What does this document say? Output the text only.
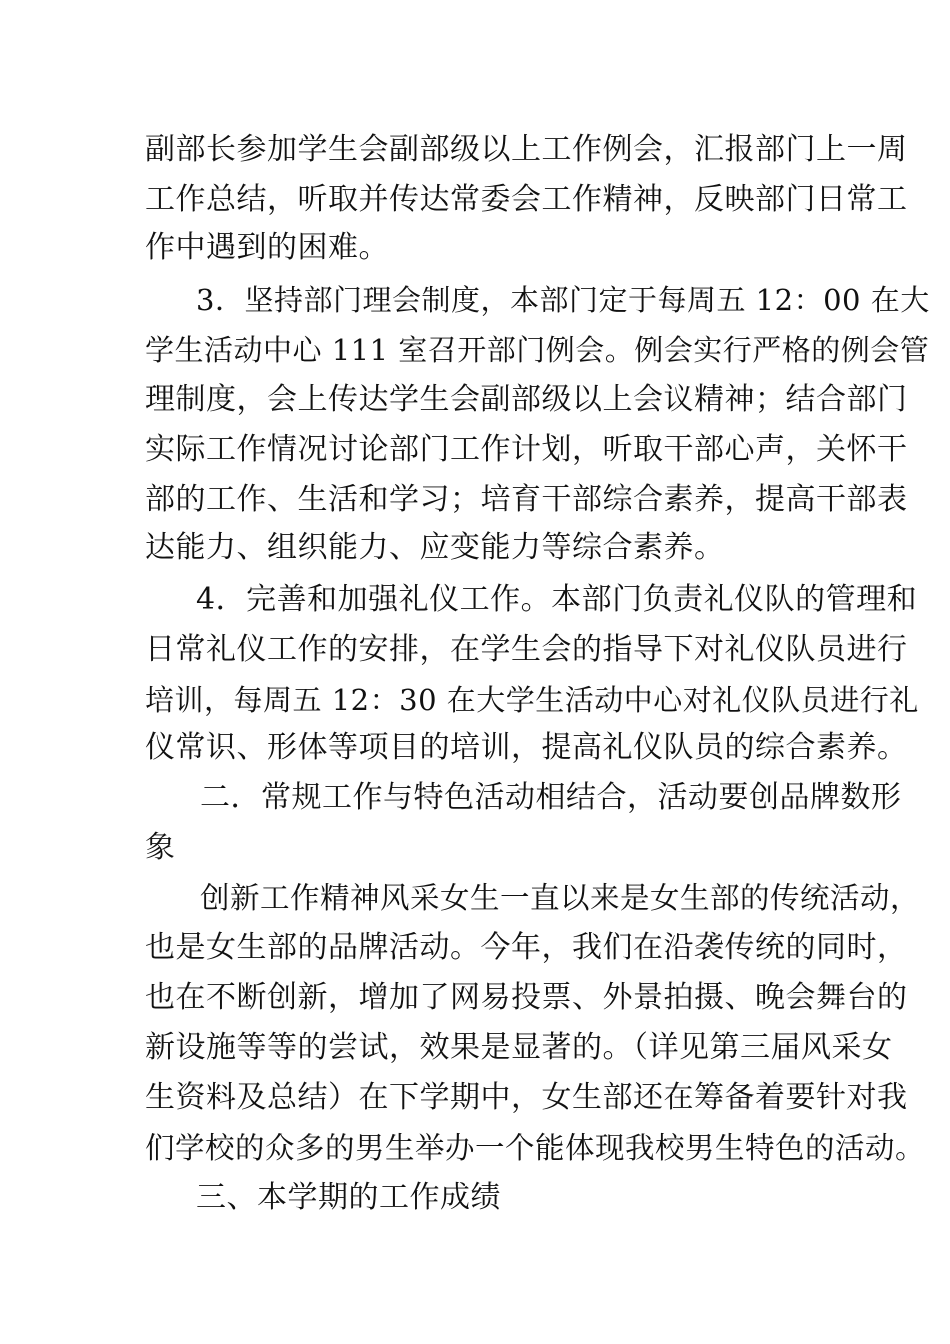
副部长参加学生会副部级以上工作例会，汇报部门上一周
工作总结，听取并传达常委会工作精神，反映部门日常工
作中遇到的困难。
3．坚持部门理会制度，本部门定于每周五 12：00 在大
学生活动中心 111 室召开部门例会。例会实行严格的例会管
理制度，会上传达学生会副部级以上会议精神；结合部门
实际工作情况讨论部门工作计划，听取干部心声，关怀干
部的工作、生活和学习；培育干部综合素养，提高干部表
达能力、组织能力、应变能力等综合素养。
4．完善和加强礼仪工作。本部门负责礼仪队的管理和
日常礼仪工作的安排，在学生会的指导下对礼仪队员进行
培训，每周五 12：30 在大学生活动中心对礼仪队员进行礼
仪常识、形体等项目的培训，提高礼仪队员的综合素养。
二．常规工作与特色活动相结合，活动要创品牌数形
象
创新工作精神风采女生一直以来是女生部的传统活动，
也是女生部的品牌活动。今年，我们在沿袭传统的同时，
也在不断创新，增加了网易投票、外景拍摄、晚会舞台的
新设施等等的尝试，效果是显著的。（详见第三届风采女
生资料及总结）在下学期中，女生部还在筹备着要针对我
们学校的众多的男生举办一个能体现我校男生特色的活动。
三、本学期的工作成绩
